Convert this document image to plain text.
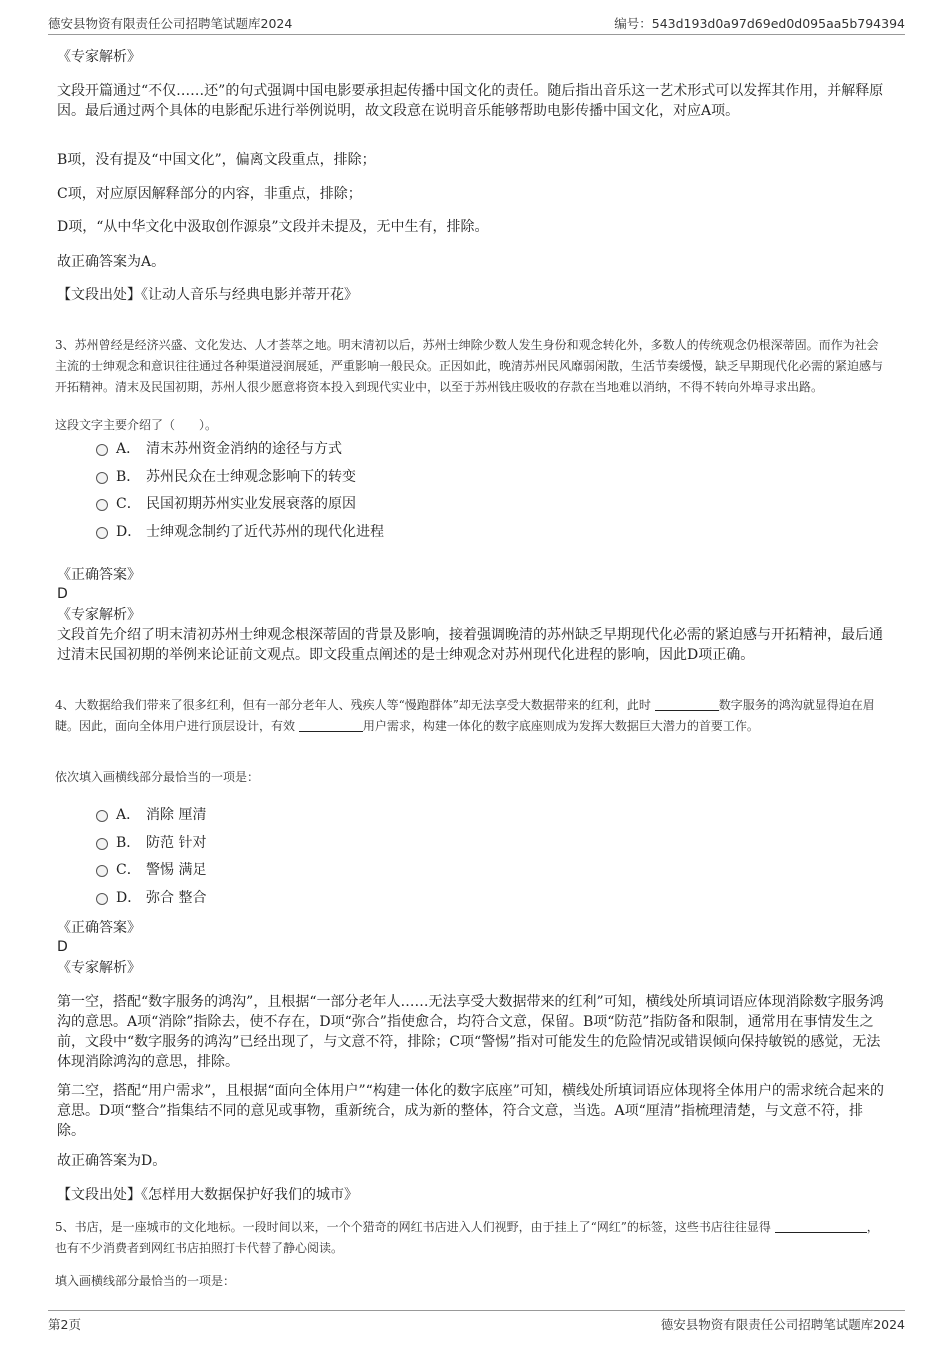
德安县物资有限责任公司招聘笔试题库2024	编号：543d193d0a97d69ed0d095aa5b794394

《专家解析》

文段开篇通过“不仅……还”的句式强调中国电影要承担起传播中国文化的责任。随后指出音乐这一艺术形式可以发挥其作用，并解释原因。最后通过两个具体的电影配乐进行举例说明，故文段意在说明音乐能够帮助电影传播中国文化，对应A项。

B项，没有提及“中国文化”，偏离文段重点，排除；

C项，对应原因解释部分的内容，非重点，排除；

D项，“从中华文化中汲取创作源泉”文段并未提及，无中生有，排除。

故正确答案为A。

【文段出处】《让动人音乐与经典电影并蒂开花》

3、苏州曾经是经济兴盛、文化发达、人才荟萃之地。明末清初以后，苏州士绅除少数人发生身份和观念转化外，多数人的传统观念仍根深蒂固。而作为社会主流的士绅观念和意识往往通过各种渠道浸润展延，严重影响一般民众。正因如此，晚清苏州民风靡弱闲散，生活节奏缓慢，缺乏早期现代化必需的紧迫感与开拓精神。清末及民国初期，苏州人很少愿意将资本投入到现代实业中，以至于苏州钱庄吸收的存款在当地难以消纳，不得不转向外埠寻求出路。

这段文字主要介绍了（　　）。

A． 清末苏州资金消纳的途径与方式
B． 苏州民众在士绅观念影响下的转变
C． 民国初期苏州实业发展衰落的原因
D． 士绅观念制约了近代苏州的现代化进程

《正确答案》

D

《专家解析》

文段首先介绍了明末清初苏州士绅观念根深蒂固的背景及影响，接着强调晚清的苏州缺乏早期现代化必需的紧迫感与开拓精神，最后通过清末民国初期的举例来论证前文观点。即文段重点阐述的是士绅观念对苏州现代化进程的影响，因此D项正确。

4、大数据给我们带来了很多红利，但有一部分老年人、残疾人等“慢跑群体”却无法享受大数据带来的红利，此时	数字服务的鸿沟就显得迫在眉睫。因此，面向全体用户进行顶层设计，有效	用户需求，构建一体化的数字底座则成为发挥大数据巨大潜力的首要工作。

依次填入画横线部分最恰当的一项是：

A． 消除 厘清
B． 防范 针对
C． 警惕 满足
D． 弥合 整合

《正确答案》

D

《专家解析》

第一空，搭配“数字服务的鸿沟”，且根据“一部分老年人……无法享受大数据带来的红利”可知，横线处所填词语应体现消除数字服务鸿沟的意思。A项“消除”指除去，使不存在，D项“弥合”指使愈合，均符合文意，保留。B项“防范”指防备和限制，通常用在事情发生之前，文段中“数字服务的鸿沟”已经出现了，与文意不符，排除；C项“警惕”指对可能发生的危险情况或错误倾向保持敏锐的感觉，无法体现消除鸿沟的意思，排除。

第二空，搭配“用户需求”，且根据“面向全体用户”“构建一体化的数字底座”可知，横线处所填词语应体现将全体用户的需求统合起来的意思。D项“整合”指集结不同的意见或事物，重新统合，成为新的整体，符合文意，当选。A项“厘清”指梳理清楚，与文意不符，排除。

故正确答案为D。

【文段出处】《怎样用大数据保护好我们的城市》

5、书店，是一座城市的文化地标。一段时间以来，一个个猎奇的网红书店进入人们视野，由于挂上了“网红”的标签，这些书店往往显得	，也有不少消费者到网红书店拍照打卡代替了静心阅读。

填入画横线部分最恰当的一项是：

第2页	德安县物资有限责任公司招聘笔试题库2024
